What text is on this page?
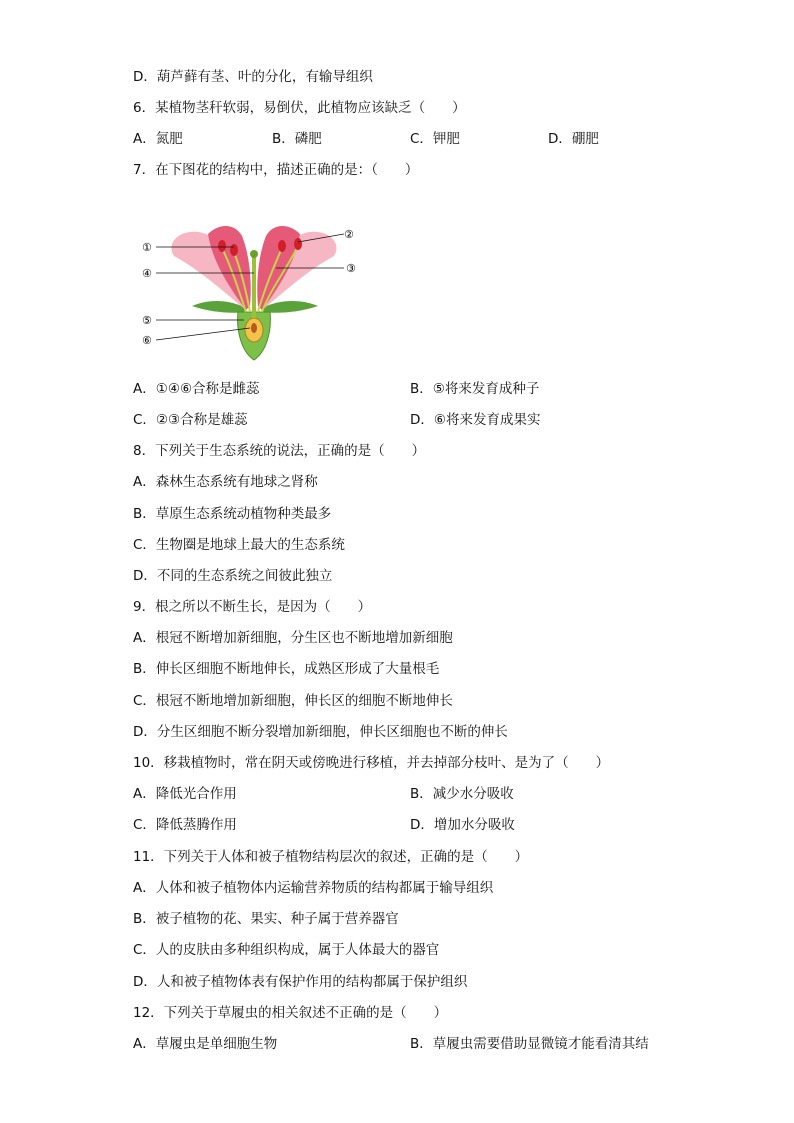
D．葫芦藓有茎、叶的分化，有输导组织
6．某植物茎秆软弱，易倒伏，此植物应该缺乏（　　）
A．氮肥	B．磷肥	C．钾肥	D．硼肥
7．在下图花的结构中，描述正确的是：（　　）
①
②
③
④
⑤
⑥
A．①④⑥合称是雌蕊	B．⑤将来发育成种子
C．②③合称是雄蕊	D．⑥将来发育成果实
8．下列关于生态系统的说法，正确的是（　　）
A．森林生态系统有地球之肾称
B．草原生态系统动植物种类最多
C．生物圈是地球上最大的生态系统
D．不同的生态系统之间彼此独立
9．根之所以不断生长，是因为（　　）
A．根冠不断增加新细胞，分生区也不断地增加新细胞
B．伸长区细胞不断地伸长，成熟区形成了大量根毛
C．根冠不断地增加新细胞，伸长区的细胞不断地伸长
D．分生区细胞不断分裂增加新细胞，伸长区细胞也不断的伸长
10．移栽植物时，常在阴天或傍晚进行移植，并去掉部分枝叶、是为了（　　）
A．降低光合作用	B．减少水分吸收
C．降低蒸腾作用	D．增加水分吸收
11．下列关于人体和被子植物结构层次的叙述，正确的是（　　）
A．人体和被子植物体内运输营养物质的结构都属于输导组织
B．被子植物的花、果实、种子属于营养器官
C．人的皮肤由多种组织构成，属于人体最大的器官
D．人和被子植物体表有保护作用的结构都属于保护组织
12．下列关于草履虫的相关叙述不正确的是（　　）
A．草履虫是单细胞生物	B．草履虫需要借助显微镜才能看清其结
